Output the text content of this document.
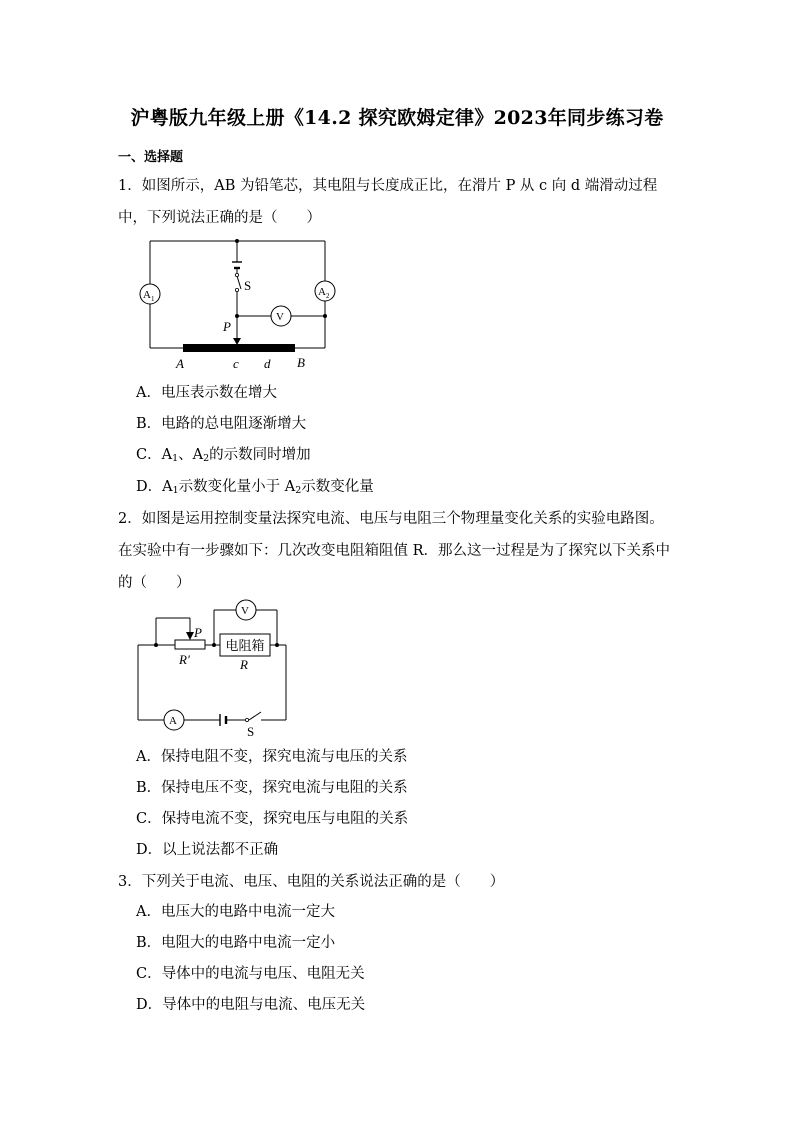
沪粤版九年级上册《14.2 探究欧姆定律》2023年同步练习卷
一、选择题
1．如图所示，AB 为铅笔芯，其电阻与长度成正比，在滑片 P 从 c 向 d 端滑动过程中，下列说法正确的是（　　）
$A_1$
$A_2$
V
S
P
A	c d B
A．电压表示数在增大
B．电路的总电阻逐渐增大
C．$A_1$、$A_2$的示数同时增加
D．$A_1$示数变化量小于 $A_2$示数变化量
2．如图是运用控制变量法探究电流、电压与电阻三个物理量变化关系的实验电路图。在实验中有一步骤如下：几次改变电阻箱阻值 R．那么这一过程是为了探究以下关系中的（　　）
V
P
R′
电阻箱
R
A
S
A．保持电阻不变，探究电流与电压的关系
B．保持电压不变，探究电流与电阻的关系
C．保持电流不变，探究电压与电阻的关系
D．以上说法都不正确
3．下列关于电流、电压、电阻的关系说法正确的是（　　）
A．电压大的电路中电流一定大
B．电阻大的电路中电流一定小
C．导体中的电流与电压、电阻无关
D．导体中的电阻与电流、电压无关
